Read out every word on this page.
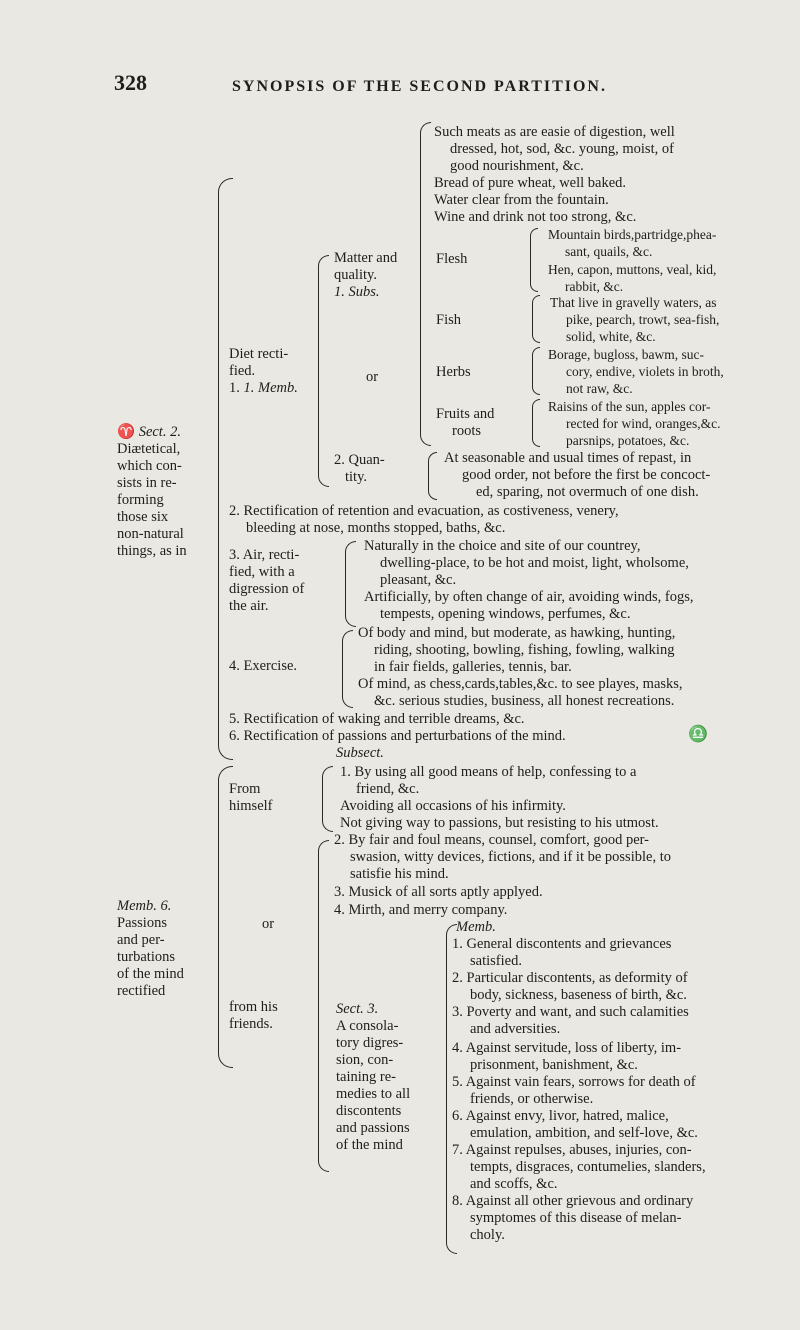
328	SYNOPSIS OF THE SECOND PARTITION.
♈ Sect. 2.
Diætetical,
which con-
sists in re-
forming
those six
non-natural
things, as in
Memb. 6.
Passions
and per-
turbations
of the mind
rectified
Diet recti-
fied.
1. 1. Memb.
Matter and
quality.
1. Subs.
or
2. Quan-
tity.
Such meats as are easie of digestion, well
dressed, hot, sod, &c. young, moist, of
good nourishment, &c.
Bread of pure wheat, well baked.
Water clear from the fountain.
Wine and drink not too strong, &c.
Flesh
Mountain birds,partridge,phea-
sant, quails, &c.
Hen, capon, muttons, veal, kid,
rabbit, &c.
Fish
That live in gravelly waters, as
pike, pearch, trowt, sea-fish,
solid, white, &c.
Herbs
Borage, bugloss, bawm, suc-
cory, endive, violets in broth,
not raw, &c.
Fruits and
roots
Raisins of the sun, apples cor-
rected for wind, oranges,&c.
parsnips, potatoes, &c.
At seasonable and usual times of repast, in
good order, not before the first be concoct-
ed, sparing, not overmuch of one dish.
2. Rectification of retention and evacuation, as costiveness, venery,
bleeding at nose, months stopped, baths, &c.
3. Air, recti-
fied, with a
digression of
the air.
Naturally in the choice and site of our countrey,
dwelling-place, to be hot and moist, light, wholsome,
pleasant, &c.
Artificially, by often change of air, avoiding winds, fogs,
tempests, opening windows, perfumes, &c.
4. Exercise.
Of body and mind, but moderate, as hawking, hunting,
riding, shooting, bowling, fishing, fowling, walking
in fair fields, galleries, tennis, bar.
Of mind, as chess,cards,tables,&c. to see playes, masks,
&c. serious studies, business, all honest recreations.
5. Rectification of waking and terrible dreams, &c.
6. Rectification of passions and perturbations of the mind.	♎
Subsect.
From
himself
1. By using all good means of help, confessing to a
friend, &c.
Avoiding all occasions of his infirmity.
Not giving way to passions, but resisting to his utmost.
or
from his
friends.
2. By fair and foul means, counsel, comfort, good per-
swasion, witty devices, fictions, and if it be possible, to
satisfie his mind.
3. Musick of all sorts aptly applyed.
4. Mirth, and merry company.
Sect. 3.
A consola-
tory digres-
sion, con-
taining re-
medies to all
discontents
and passions
of the mind
Memb.
1. General discontents and grievances
satisfied.
2. Particular discontents, as deformity of
body, sickness, baseness of birth, &c.
3. Poverty and want, and such calamities
and adversities.
4. Against servitude, loss of liberty, im-
prisonment, banishment, &c.
5. Against vain fears, sorrows for death of
friends, or otherwise.
6. Against envy, livor, hatred, malice,
emulation, ambition, and self-love, &c.
7. Against repulses, abuses, injuries, con-
tempts, disgraces, contumelies, slanders,
and scoffs, &c.
8. Against all other grievous and ordinary
symptomes of this disease of melan-
choly.
